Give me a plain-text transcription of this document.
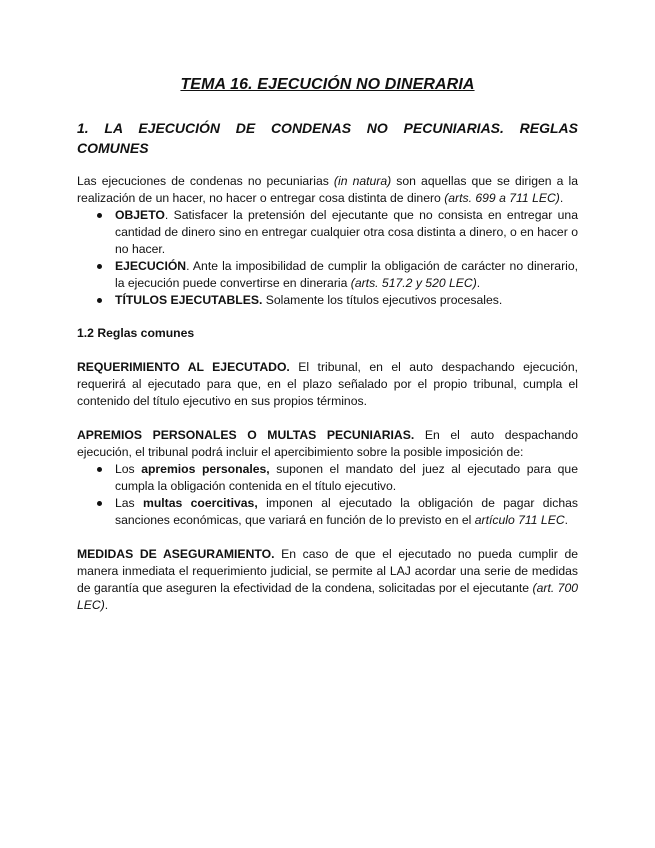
TEMA 16. EJECUCIÓN NO DINERARIA
1. LA EJECUCIÓN DE CONDENAS NO PECUNIARIAS. REGLAS COMUNES

Las ejecuciones de condenas no pecuniarias (in natura) son aquellas que se dirigen a la realización de un hacer, no hacer o entregar cosa distinta de dinero (arts. 699 a 711 LEC).

OBJETO. Satisfacer la pretensión del ejecutante que no consista en entregar una cantidad de dinero sino en entregar cualquier otra cosa distinta a dinero, o en hacer o no hacer.
EJECUCIÓN. Ante la imposibilidad de cumplir la obligación de carácter no dinerario, la ejecución puede convertirse en dineraria (arts. 517.2 y 520 LEC).
TÍTULOS EJECUTABLES. Solamente los títulos ejecutivos procesales.

1.2 Reglas comunes

REQUERIMIENTO AL EJECUTADO. El tribunal, en el auto despachando ejecución, requerirá al ejecutado para que, en el plazo señalado por el propio tribunal, cumpla el contenido del título ejecutivo en sus propios términos.

APREMIOS PERSONALES O MULTAS PECUNIARIAS. En el auto despachando ejecución, el tribunal podrá incluir el apercibimiento sobre la posible imposición de:

Los apremios personales, suponen el mandato del juez al ejecutado para que cumpla la obligación contenida en el título ejecutivo.
Las multas coercitivas, imponen al ejecutado la obligación de pagar dichas sanciones económicas, que variará en función de lo previsto en el artículo 711 LEC.

MEDIDAS DE ASEGURAMIENTO. En caso de que el ejecutado no pueda cumplir de manera inmediata el requerimiento judicial, se permite al LAJ acordar una serie de medidas de garantía que aseguren la efectividad de la condena, solicitadas por el ejecutante (art. 700 LEC).
